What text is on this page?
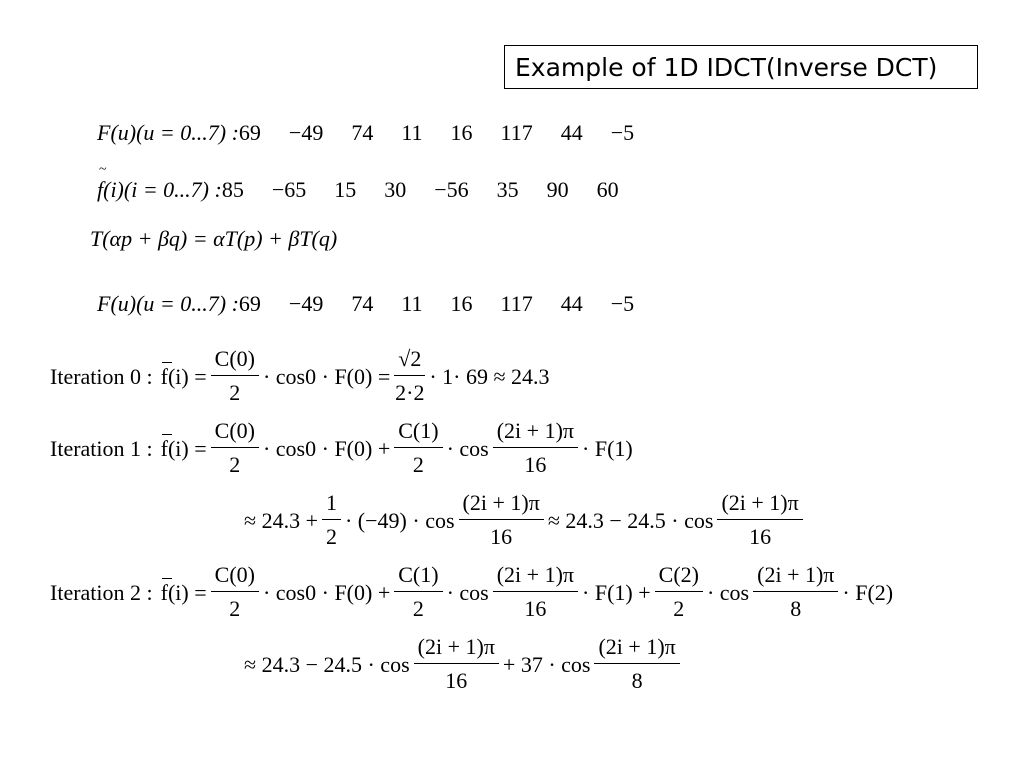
Example of 1D IDCT(Inverse DCT)
F(u)(u = 0...7) : 69 −49 74 11 16 117 44 −5
~ f(i)(i = 0...7) : 85 −65 15 30 −56 35 90 60
T(αp + βq) = αT(p) + βT(q)
F(u)(u = 0...7) : 69 −49 74 11 16 117 44 −5
Iteration 0 : $f(i) = \frac{C(0)}{2} \cdot \cos 0 \cdot F(0) = \frac{√2}{2\cdot 2} \cdot 1\cdot 69 \approx 24.3$
Iteration 1 : $f(i) = \frac{C(0)}{2} \cdot \cos 0 \cdot F(0) + \frac{C(1)}{2} \cdot \cos \frac{(2i + 1)\pi}{16} \cdot F(1)$
≈ $24.3 + \frac{1}{2} \cdot (-49) \cdot \cos \frac{(2i + 1)\pi}{16} \approx 24.3 - 24.5 \cdot \cos \frac{(2i + 1)\pi}{16}$
Iteration 2 : $f(i) = \frac{C(0)}{2} \cdot \cos 0 \cdot F(0) + \frac{C(1)}{2} \cdot \cos \frac{(2i + 1)\pi}{16} \cdot F(1) + \frac{C(2)}{2} \cdot \cos \frac{(2i + 1)\pi}{8} \cdot F(2)$
≈ $24.3 - 24.5 \cdot \cos \frac{(2i + 1)\pi}{16} + 37 \cdot \cos \frac{(2i + 1)\pi}{8}$
